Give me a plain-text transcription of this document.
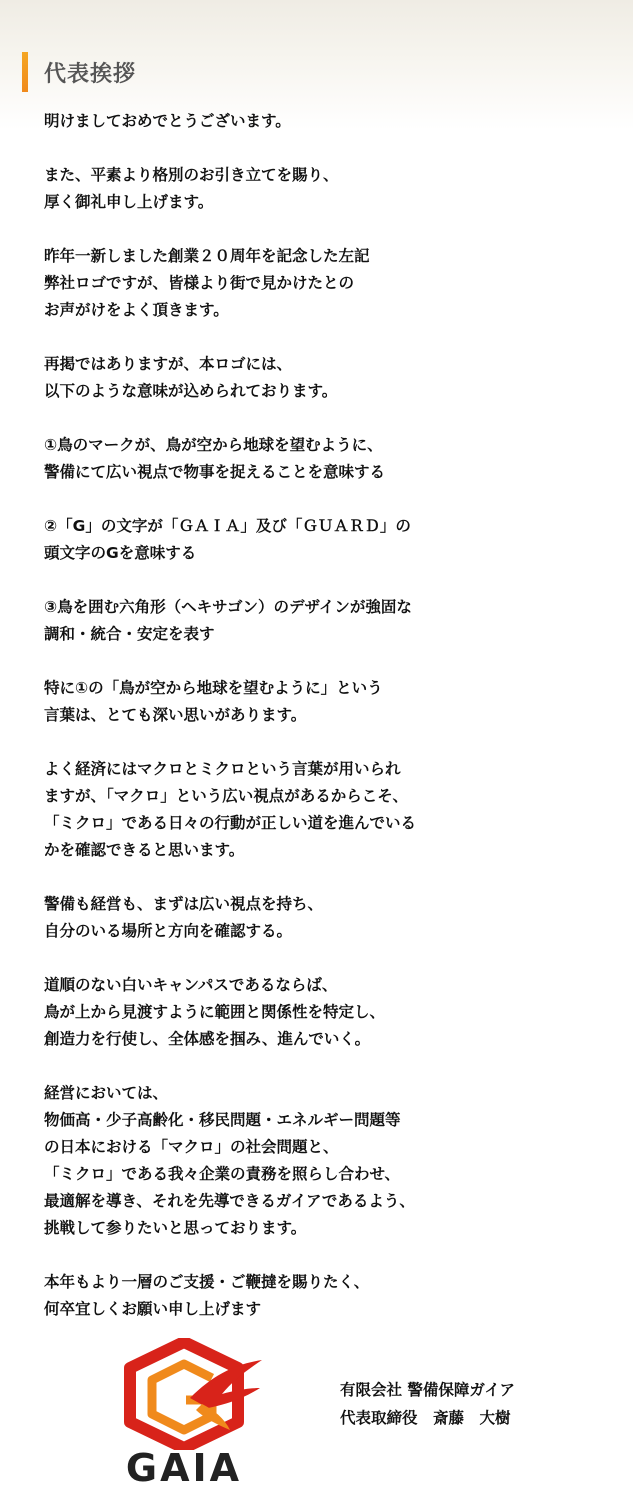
代表挨拶
明けましておめでとうございます。
また、平素より格別のお引き立てを賜り、
厚く御礼申し上げます。
昨年一新しました創業２０周年を記念した左記
弊社ロゴですが、皆様より街で見かけたとの
お声がけをよく頂きます。
再掲ではありますが、本ロゴには、
以下のような意味が込められております。
①鳥のマークが、鳥が空から地球を望むように、
警備にて広い視点で物事を捉えることを意味する
②「G」の文字が「ＧＡＩＡ」及び「ＧＵＡＲＤ」の
頭文字のGを意味する
③鳥を囲む六角形（ヘキサゴン）のデザインが強固な
調和・統合・安定を表す
特に①の「鳥が空から地球を望むように」という
言葉は、とても深い思いがあります。
よく経済にはマクロとミクロという言葉が用いられ
ますが、「マクロ」という広い視点があるからこそ、
「ミクロ」である日々の行動が正しい道を進んでいる
かを確認できると思います。
警備も経営も、まずは広い視点を持ち、
自分のいる場所と方向を確認する。
道順のない白いキャンパスであるならば、
鳥が上から見渡すように範囲と関係性を特定し、
創造力を行使し、全体感を掴み、進んでいく。
経営においては、
物価高・少子高齢化・移民問題・エネルギー問題等
の日本における「マクロ」の社会問題と、
「ミクロ」である我々企業の責務を照らし合わせ、
最適解を導き、それを先導できるガイアであるよう、
挑戦して参りたいと思っております。
本年もより一層のご支援・ご鞭撻を賜りたく、
何卒宜しくお願い申し上げます
GAIA
有限会社 警備保障ガイア
代表取締役　斎藤　大樹
